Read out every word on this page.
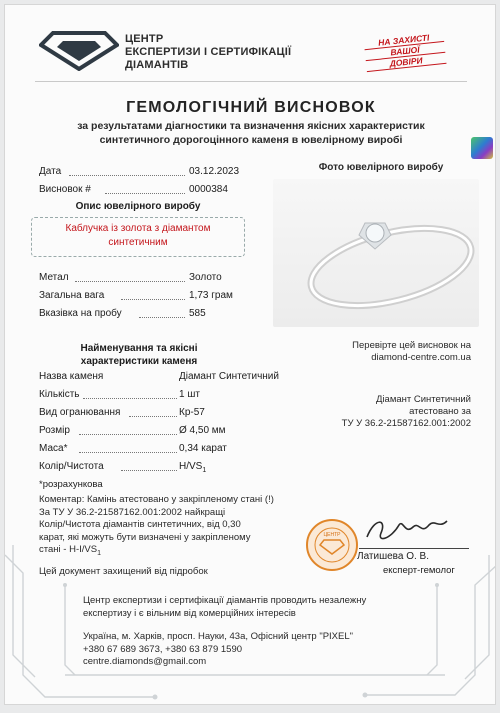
ЦЕНТР
ЕКСПЕРТИЗИ І СЕРТИФІКАЦІЇ
ДІАМАНТІВ
НА ЗАХИСТІ
ВАШОЇ
ДОВІРИ
ГЕМОЛОГІЧНИЙ ВИСНОВОК
за результатами діагностики та визначення якісних характеристик
синтетичного дорогоцінного каменя в ювелірному виробі
Дата	03.12.2023
Висновок #	0000384
Опис ювелірного виробу
Каблучка із золота з діамантом
синтетичним
Метал	Золото
Загальна вага	1,73 грам
Вказівка на пробу	585
Фото ювелірного виробу
Найменування та якісні
характеристики каменя
Назва каменя	Діамант Синтетичний
Кількість	1 шт
Вид огранювання	Кр-57
Розмір	Ø 4,50 мм
Маса*	0,34 карат
Колір/Чистота	$H/VS_1$
*розрахункова
Перевірте цей висновок на
diamond-centre.com.ua
Діамант Синтетичний
атестовано за
ТУ У 36.2-21587162.001:2002
Коментар: Камінь атестовано у закріпленому стані (!)
За ТУ У 36.2-21587162.001:2002 найкращі
Колір/Чистота діамантів синтетичних, від 0,30
карат, які можуть бути визначені у закріпленому
стані - $H-I/VS_1$
Цей документ захищений від підробок
ЦЕНТР
Латишева О. В.
експерт-гемолог
Центр експертизи і сертифікації діамантів проводить незалежну
експертизу і є вільним від комерційних інтересів
Україна, м. Харків, просп. Науки, 43а, Офісний центр "PIXEL"
+380 67 689 3673, +380 63 879 1590
centre.diamonds@gmail.com
